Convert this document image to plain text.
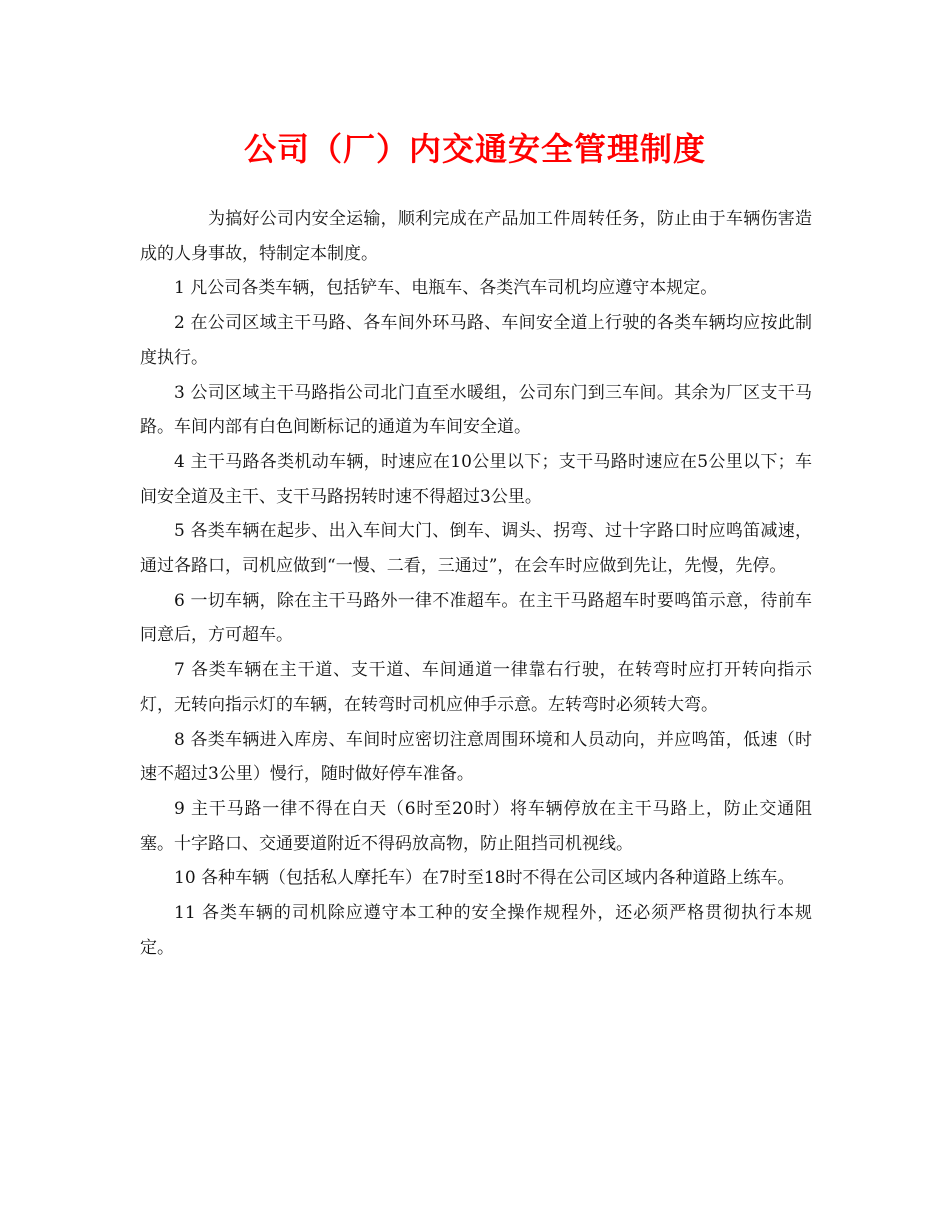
公司（厂）内交通安全管理制度

为搞好公司内安全运输，顺利完成在产品加工件周转任务，防止由于车辆伤害造成的人身事故，特制定本制度。

1 凡公司各类车辆，包括铲车、电瓶车、各类汽车司机均应遵守本规定。

2 在公司区域主干马路、各车间外环马路、车间安全道上行驶的各类车辆均应按此制度执行。

3 公司区域主干马路指公司北门直至水暖组，公司东门到三车间。其余为厂区支干马路。车间内部有白色间断标记的通道为车间安全道。

4 主干马路各类机动车辆，时速应在10公里以下；支干马路时速应在5公里以下；车间安全道及主干、支干马路拐转时速不得超过3公里。

5 各类车辆在起步、出入车间大门、倒车、调头、拐弯、过十字路口时应鸣笛减速，通过各路口，司机应做到“一慢、二看，三通过”，在会车时应做到先让，先慢，先停。

6 一切车辆，除在主干马路外一律不准超车。在主干马路超车时要鸣笛示意，待前车同意后，方可超车。

7 各类车辆在主干道、支干道、车间通道一律靠右行驶，在转弯时应打开转向指示灯，无转向指示灯的车辆，在转弯时司机应伸手示意。左转弯时必须转大弯。

8 各类车辆进入库房、车间时应密切注意周围环境和人员动向，并应鸣笛，低速（时速不超过3公里）慢行，随时做好停车准备。

9 主干马路一律不得在白天（6时至20时）将车辆停放在主干马路上，防止交通阻塞。十字路口、交通要道附近不得码放高物，防止阻挡司机视线。

10 各种车辆（包括私人摩托车）在7时至18时不得在公司区域内各种道路上练车。

11 各类车辆的司机除应遵守本工种的安全操作规程外，还必须严格贯彻执行本规定。
